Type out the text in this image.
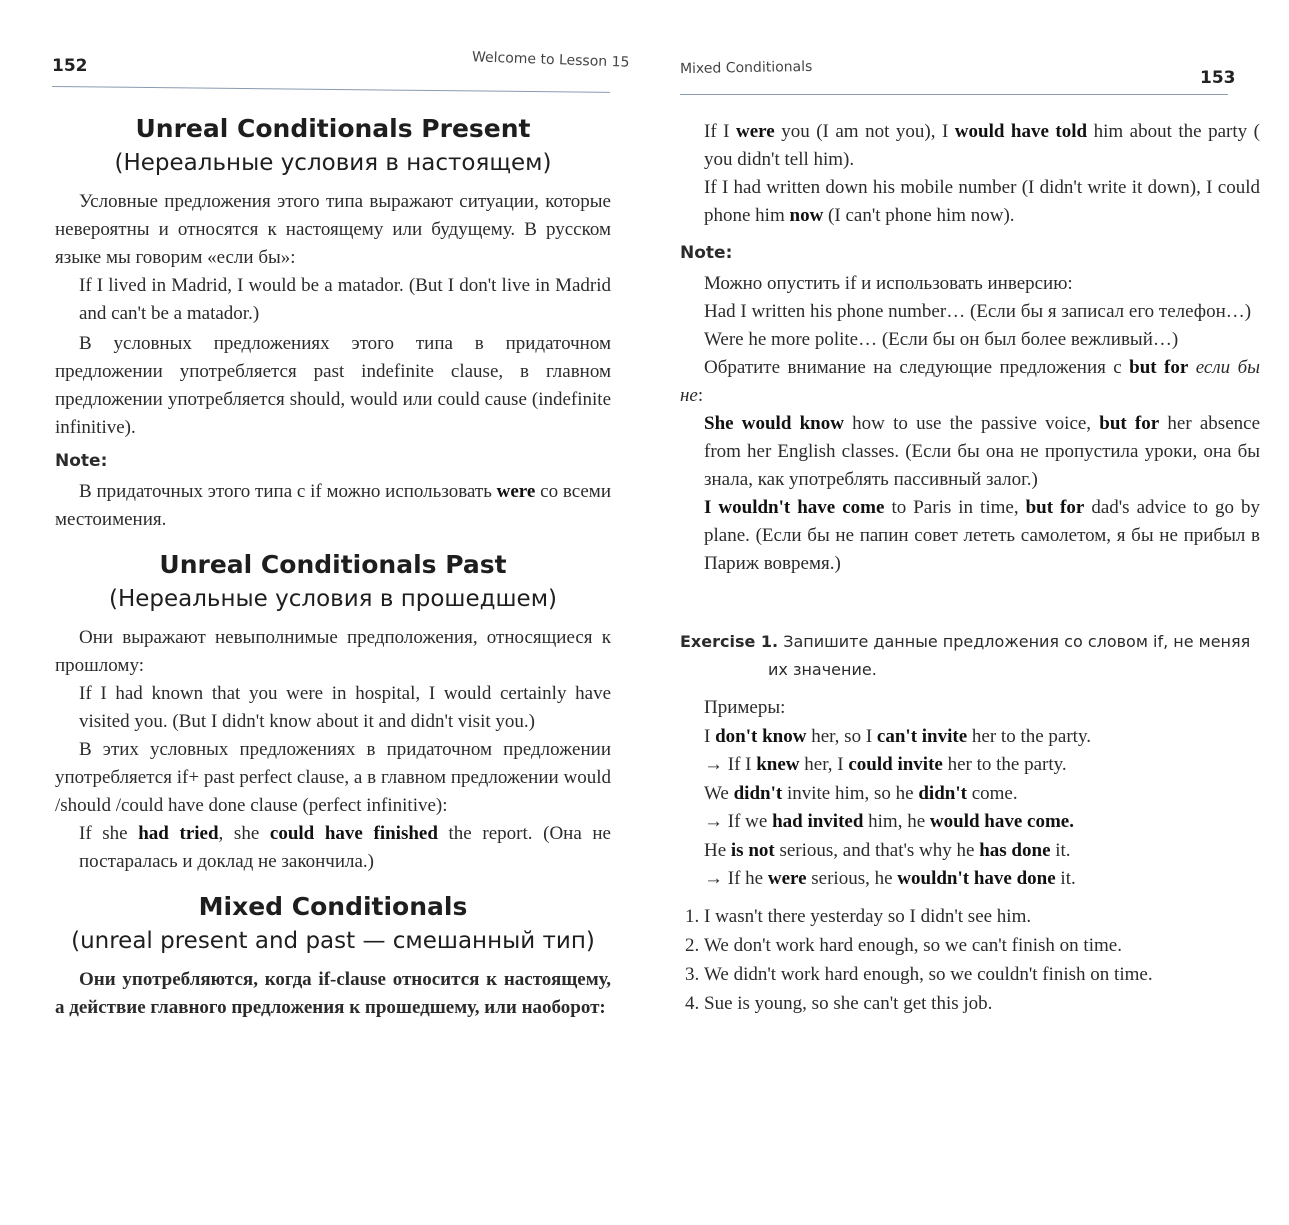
152	Welcome to Lesson 15
Unreal Conditionals Present
(Нереальные условия в настоящем)

Условные предложения этого типа выражают ситуации, которые невероятны и относятся к настоящему или будущему. В русском языке мы говорим «если бы»:

If I lived in Madrid, I would be a matador. (But I don't live in Madrid and can't be a matador.)

В условных предложениях этого типа в придаточном предложении употребляется past indefinite clause, в главном предложении употребляется should, would или could cause (indefinite infinitive).

Note:

В придаточных этого типа с if можно использовать were со всеми местоимения.

Unreal Conditionals Past
(Нереальные условия в прошедшем)

Они выражают невыполнимые предположения, относящиеся к прошлому:

If I had known that you were in hospital, I would certainly have visited you. (But I didn't know about it and didn't visit you.)

В этих условных предложениях в придаточном предложении употребляется if+ past perfect clause, а в главном предложении would /should /could have done clause (perfect infinitive):

If she had tried, she could have finished the report. (Она не постаралась и доклад не закончила.)

Mixed Conditionals
(unreal present and past — смешанный тип)

Они употребляются, когда if-clause относится к настоящему, а действие главного предложения к прошедшему, или наоборот:

Mixed Conditionals	153

If I were you (I am not you), I would have told him about the party ( you didn't tell him).

If I had written down his mobile number (I didn't write it down), I could phone him now (I can't phone him now).

Note:

Можно опустить if и использовать инверсию:

Had I written his phone number… (Если бы я записал его телефон…)

Were he more polite… (Если бы он был более вежливый…)

Обратите внимание на следующие предложения с but for если бы не:

She would know how to use the passive voice, but for her absence from her English classes. (Если бы она не пропустила уроки, она бы знала, как употреблять пассивный залог.)

I wouldn't have come to Paris in time, but for dad's advice to go by plane. (Если бы не папин совет лететь самолетом, я бы не прибыл в Париж вовремя.)

Exercise 1. Запишите данные предложения со словом if, не меняя
их значение.

Примеры:

I don't know her, so I can't invite her to the party.

→ If I knew her, I could invite her to the party.

We didn't invite him, so he didn't come.

→ If we had invited him, he would have come.

He is not serious, and that's why he has done it.

→ If he were serious, he wouldn't have done it.

1. I wasn't there yesterday so I didn't see him.
2. We don't work hard enough, so we can't finish on time.
3. We didn't work hard enough, so we couldn't finish on time.
4. Sue is young, so she can't get this job.
